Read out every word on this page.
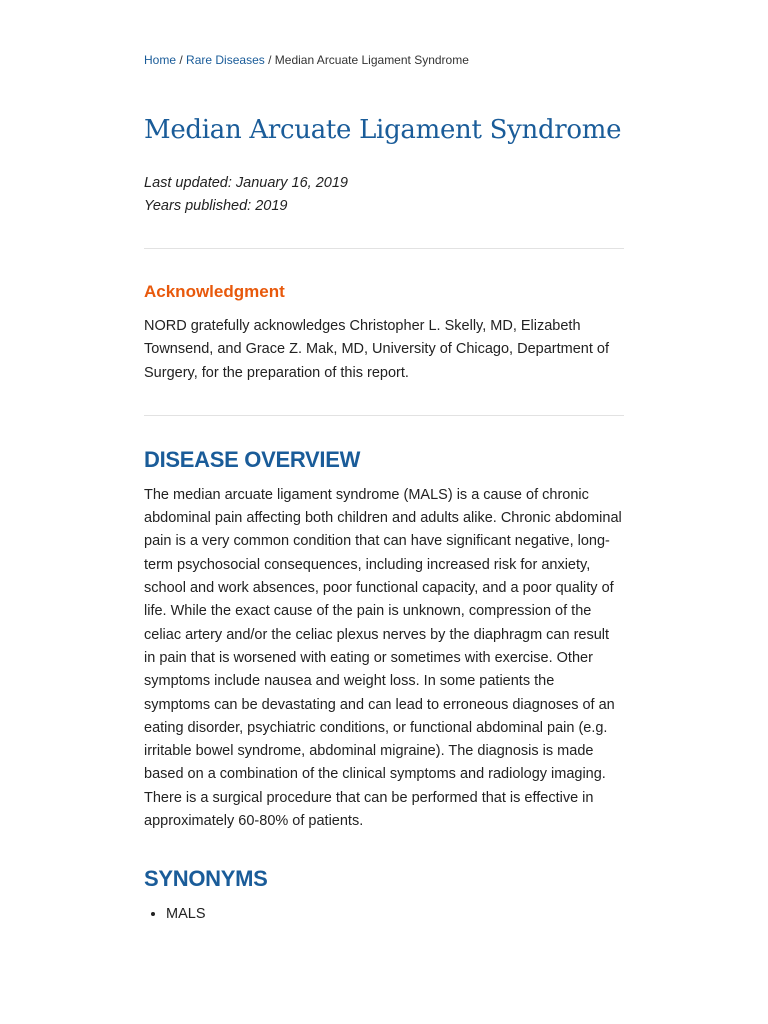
Home / Rare Diseases / Median Arcuate Ligament Syndrome
Median Arcuate Ligament Syndrome
Last updated: January 16, 2019
Years published: 2019
Acknowledgment

NORD gratefully acknowledges Christopher L. Skelly, MD, Elizabeth Townsend, and Grace Z. Mak, MD, University of Chicago, Department of Surgery, for the preparation of this report.

DISEASE OVERVIEW

The median arcuate ligament syndrome (MALS) is a cause of chronic abdominal pain affecting both children and adults alike. Chronic abdominal pain is a very common condition that can have significant negative, long-term psychosocial consequences, including increased risk for anxiety, school and work absences, poor functional capacity, and a poor quality of life. While the exact cause of the pain is unknown, compression of the celiac artery and/or the celiac plexus nerves by the diaphragm can result in pain that is worsened with eating or sometimes with exercise. Other symptoms include nausea and weight loss. In some patients the symptoms can be devastating and can lead to erroneous diagnoses of an eating disorder, psychiatric conditions, or functional abdominal pain (e.g. irritable bowel syndrome, abdominal migraine). The diagnosis is made based on a combination of the clinical symptoms and radiology imaging. There is a surgical procedure that can be performed that is effective in approximately 60-80% of patients.

SYNONYMS
• MALS
